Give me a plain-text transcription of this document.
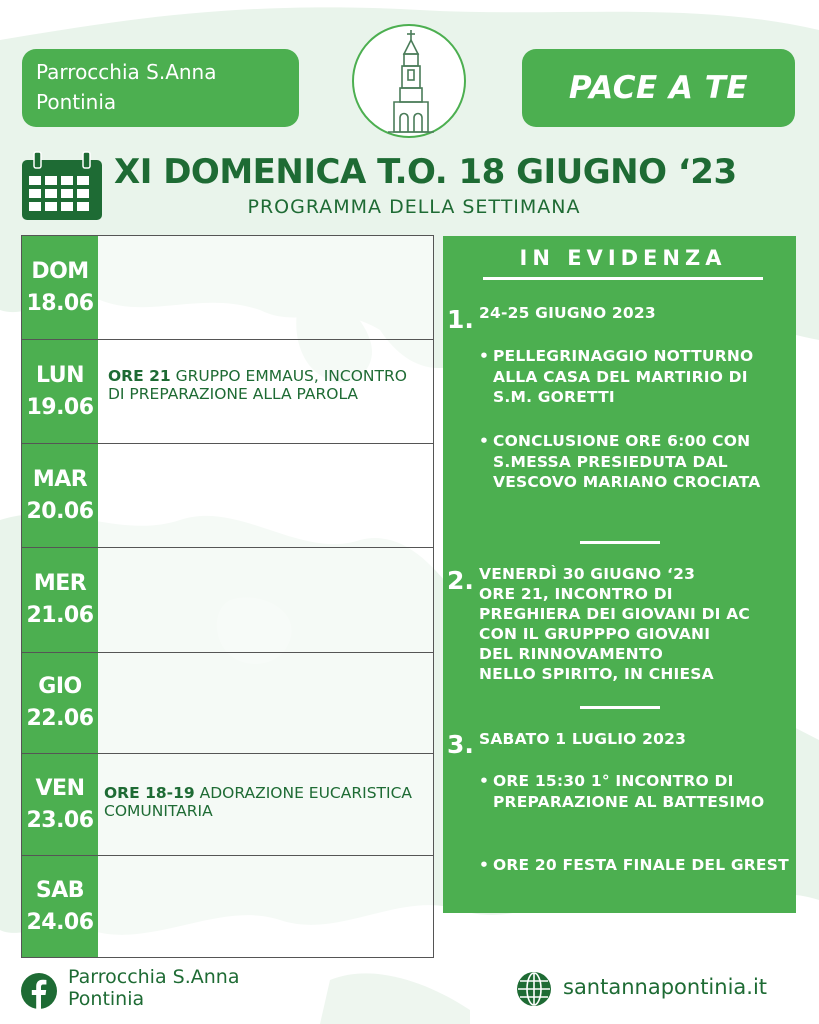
Parrocchia S.Anna
Pontinia	PACE A TE
XI DOMENICA T.O. 18 GIUGNO ‘23
PROGRAMMA DELLA SETTIMANA
DOM
18.06
LUN
19.06
ORE 21 GRUPPO EMMAUS, INCONTRO DI PREPARAZIONE ALLA PAROLA
MAR
20.06
MER
21.06
GIO
22.06
VEN
23.06
ORE 18-19 ADORAZIONE EUCARISTICA COMUNITARIA
SAB
24.06
IN EVIDENZA
1. 24-25 GIUGNO 2023
• PELLEGRINAGGIO NOTTURNO ALLA CASA DEL MARTIRIO DI S.M. GORETTI
• CONCLUSIONE ORE 6:00 CON S.MESSA PRESIEDUTA DAL VESCOVO MARIANO CROCIATA
2. VENERDÌ 30 GIUGNO ‘23
ORE 21, INCONTRO DI
PREGHIERA DEI GIOVANI DI AC
CON IL GRUPPPO GIOVANI
DEL RINNOVAMENTO
NELLO SPIRITO, IN CHIESA
3. SABATO 1 LUGLIO 2023
• ORE 15:30 1° INCONTRO DI PREPARAZIONE AL BATTESIMO
• ORE 20 FESTA FINALE DEL GREST
Parrocchia S.Anna
Pontinia	santannapontinia.it
